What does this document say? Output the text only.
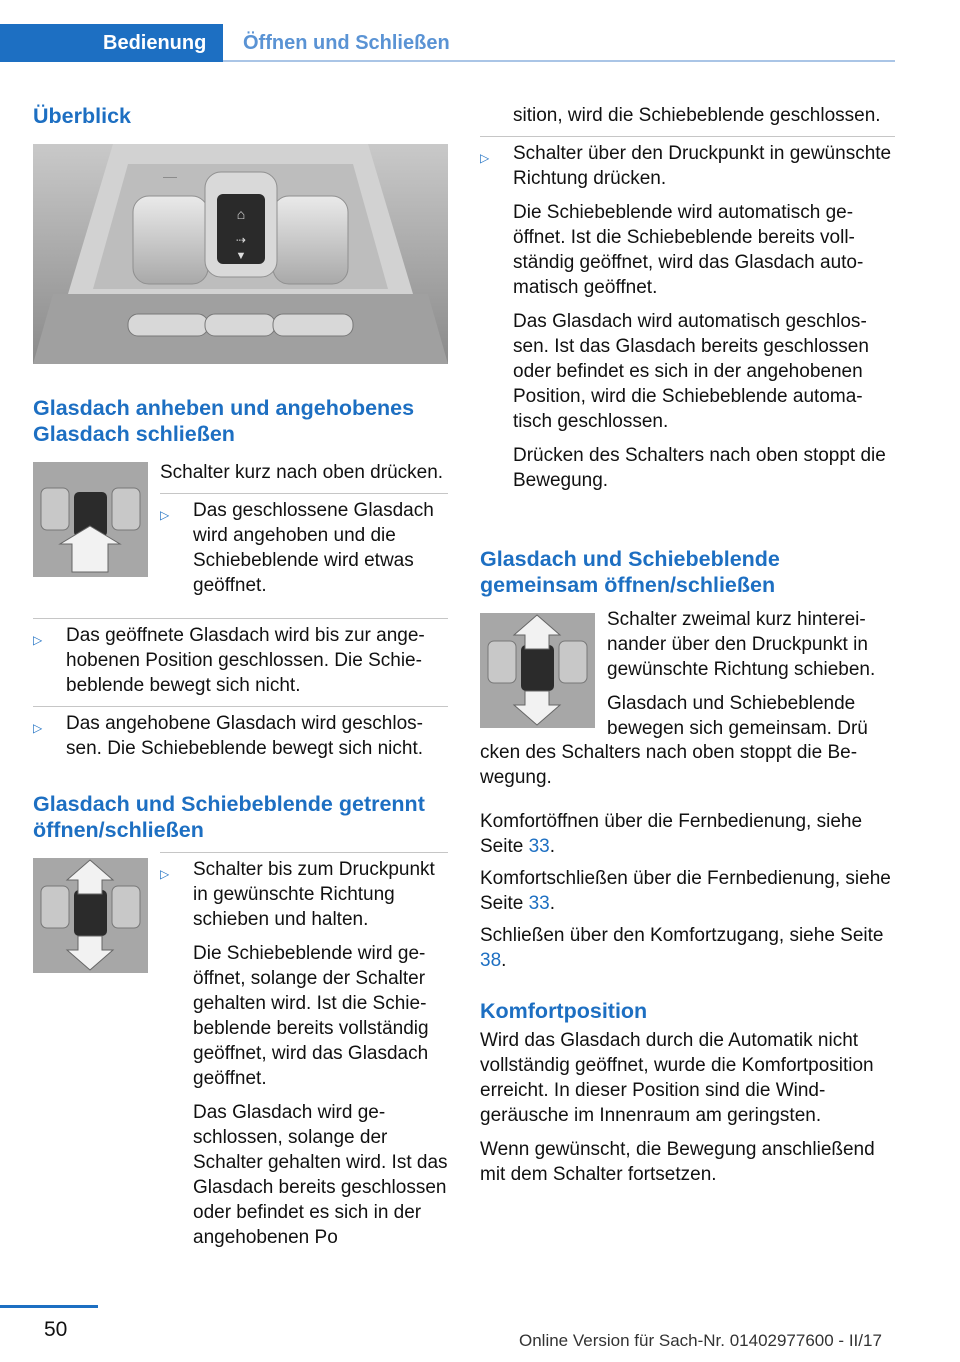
Bedienung Öffnen und Schließen
Überblick
⌂
⇢
▼
—
Glasdach anheben und angehobenes Glasdach schließen

Schalter kurz nach oben drücken.

▷ Das geschlossene Glasdach wird angehoben und die Schiebeblende wird etwas geöffnet.
▷ Das geöffnete Glasdach wird bis zur angehobenen Position geschlossen. Die Schiebeblende bewegt sich nicht.
▷ Das angehobene Glasdach wird geschlossen. Die Schiebeblende bewegt sich nicht.
Glasdach und Schiebeblende getrennt öffnen/schließen
▷ Schalter bis zum Druckpunkt in gewünschte Richtung schieben und halten.

Die Schiebeblende wird geöffnet, solange der Schalter gehalten wird. Ist die Schiebeblende bereits vollständig geöffnet, wird das Glasdach geöffnet.

Das Glasdach wird geschlossen, solange der Schalter gehalten wird. Ist das Glasdach bereits geschlossen oder befindet es sich in der angehobenen Po

sition, wird die Schiebeblende geschlossen.

▷ Schalter über den Druckpunkt in gewünschte Richtung drücken.

Die Schiebeblende wird automatisch geöffnet. Ist die Schiebeblende bereits vollständig geöffnet, wird das Glasdach automatisch geöffnet.

Das Glasdach wird automatisch geschlossen. Ist das Glasdach bereits geschlossen oder befindet es sich in der angehobenen Position, wird die Schiebeblende automatisch geschlossen.

Drücken des Schalters nach oben stoppt die Bewegung.

Glasdach und Schiebeblende gemeinsam öffnen/schließen

Schalter zweimal kurz hintereinander über den Druckpunkt in gewünschte Richtung schieben.

Glasdach und Schiebeblende bewegen sich gemeinsam. Drü

cken des Schalters nach oben stoppt die Bewegung.

Komfortöffnen über die Fernbedienung, siehe Seite 33.

Komfortschließen über die Fernbedienung, siehe Seite 33.

Schließen über den Komfortzugang, siehe Seite 38.

Komfortposition

Wird das Glasdach durch die Automatik nicht vollständig geöffnet, wurde die Komfortposition erreicht. In dieser Position sind die Windgeräusche im Innenraum am geringsten.

Wenn gewünscht, die Bewegung anschließend mit dem Schalter fortsetzen.

50	Online Version für Sach-Nr. 01402977600 - II/17
